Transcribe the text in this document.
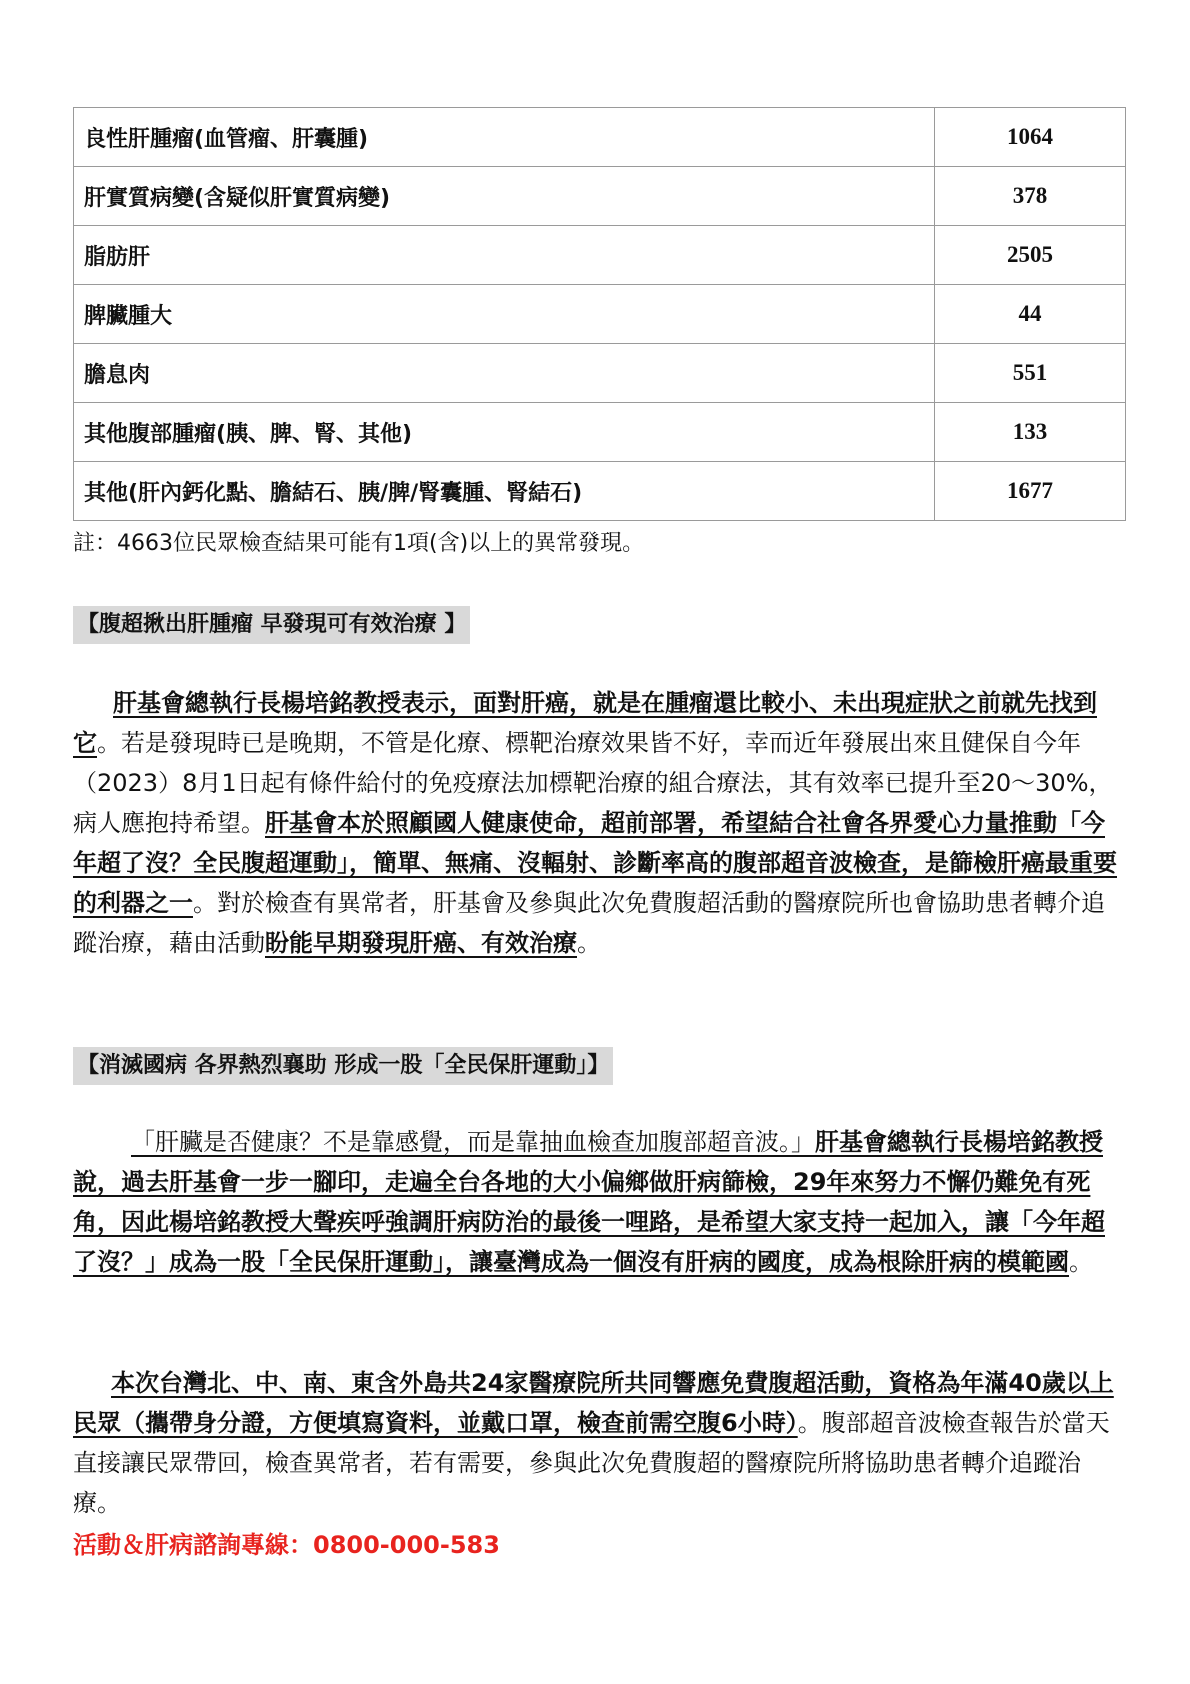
良性肝腫瘤(血管瘤、肝囊腫)	1064
肝實質病變(含疑似肝實質病變)	378
脂肪肝	2505
脾臟腫大	44
膽息肉	551
其他腹部腫瘤(胰、脾、腎、其他)	133
其他(肝內鈣化點、膽結石、胰/脾/腎囊腫、腎結石)	1677
註：4663位民眾檢查結果可能有1項(含)以上的異常發現。
【腹超揪出肝腫瘤 早發現可有效治療 】
肝基會總執行長楊培銘教授表示，面對肝癌，就是在腫瘤還比較小、未出現症狀之前就先找到它。若是發現時已是晚期，不管是化療、標靶治療效果皆不好，幸而近年發展出來且健保自今年（2023）8月1日起有條件給付的免疫療法加標靶治療的組合療法，其有效率已提升至20～30%，病人應抱持希望。肝基會本於照顧國人健康使命，超前部署，希望結合社會各界愛心力量推動「今年超了沒？全民腹超運動」，簡單、無痛、沒輻射、診斷率高的腹部超音波檢查，是篩檢肝癌最重要的利器之一。對於檢查有異常者，肝基會及參與此次免費腹超活動的醫療院所也會協助患者轉介追蹤治療，藉由活動盼能早期發現肝癌、有效治療。
【消滅國病 各界熱烈襄助 形成一股「全民保肝運動」】
「肝臟是否健康？不是靠感覺，而是靠抽血檢查加腹部超音波。」肝基會總執行長楊培銘教授說，過去肝基會一步一腳印，走遍全台各地的大小偏鄉做肝病篩檢，29年來努力不懈仍難免有死角，因此楊培銘教授大聲疾呼強調肝病防治的最後一哩路，是希望大家支持一起加入，讓「今年超了沒？」成為一股「全民保肝運動」，讓臺灣成為一個沒有肝病的國度，成為根除肝病的模範國。
本次台灣北、中、南、東含外島共24家醫療院所共同響應免費腹超活動，資格為年滿40歲以上民眾（攜帶身分證，方便填寫資料，並戴口罩，檢查前需空腹6小時）。腹部超音波檢查報告於當天直接讓民眾帶回，檢查異常者，若有需要，參與此次免費腹超的醫療院所將協助患者轉介追蹤治療。
活動＆肝病諮詢專線：0800-000-583
